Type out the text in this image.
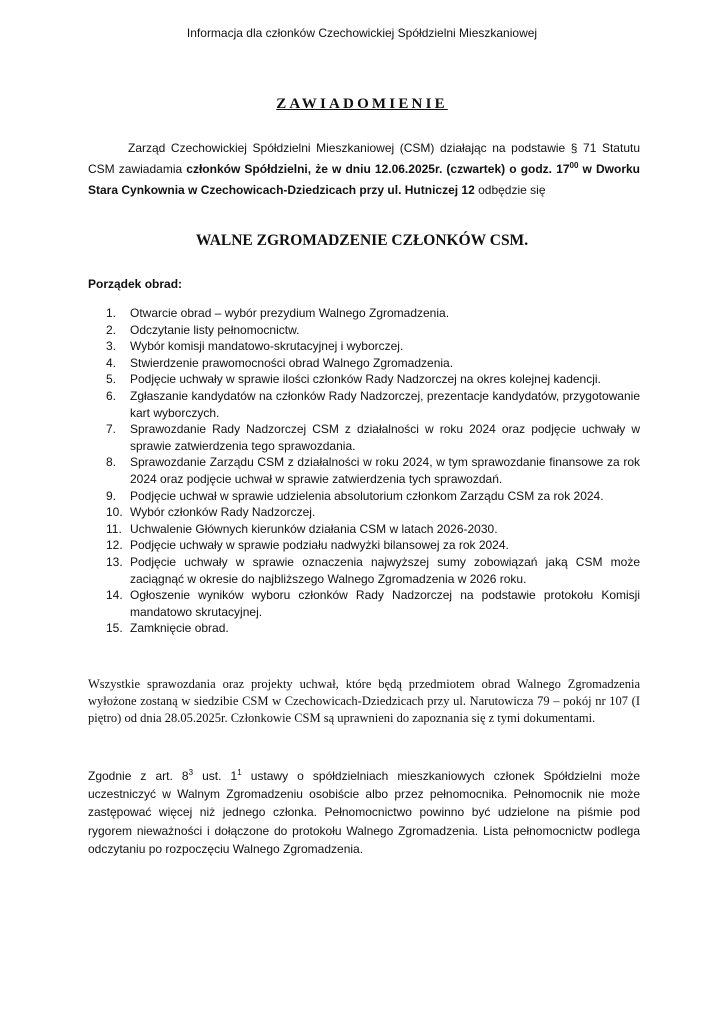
Informacja dla członków Czechowickiej Spółdzielni Mieszkaniowej
ZAWIADOMIENIE
Zarząd Czechowickiej Spółdzielni Mieszkaniowej (CSM) działając na podstawie § 71 Statutu CSM zawiadamia członków Spółdzielni, że w dniu 12.06.2025r. (czwartek) o godz. $17^{00}$ w Dworku Stara Cynkownia w Czechowicach-Dziedzicach przy ul. Hutniczej 12 odbędzie się
WALNE ZGROMADZENIE CZŁONKÓW CSM.
Porządek obrad:
1.	Otwarcie obrad – wybór prezydium Walnego Zgromadzenia.
2.	Odczytanie listy pełnomocnictw.
3.	Wybór komisji mandatowo-skrutacyjnej i wyborczej.
4.	Stwierdzenie prawomocności obrad Walnego Zgromadzenia.
5.	Podjęcie uchwały w sprawie ilości członków Rady Nadzorczej na okres kolejnej kadencji.
6.	Zgłaszanie kandydatów na członków Rady Nadzorczej, prezentacje kandydatów, przygotowanie kart wyborczych.
7.	Sprawozdanie Rady Nadzorczej CSM z działalności w roku 2024 oraz podjęcie uchwały w sprawie zatwierdzenia tego sprawozdania.
8.	Sprawozdanie Zarządu CSM z działalności w roku 2024, w tym sprawozdanie finansowe za rok 2024 oraz podjęcie uchwał w sprawie zatwierdzenia tych sprawozdań.
9.	Podjęcie uchwał w sprawie udzielenia absolutorium członkom Zarządu CSM za rok 2024.
10. Wybór członków Rady Nadzorczej.
11. Uchwalenie Głównych kierunków działania CSM w latach 2026-2030.
12. Podjęcie uchwały w sprawie podziału nadwyżki bilansowej za rok 2024.
13. Podjęcie uchwały w sprawie oznaczenia najwyższej sumy zobowiązań jaką CSM może zaciągnąć w okresie do najbliższego Walnego Zgromadzenia w 2026 roku.
14. Ogłoszenie wyników wyboru członków Rady Nadzorczej na podstawie protokołu Komisji mandatowo skrutacyjnej.
15. Zamknięcie obrad.
Wszystkie sprawozdania oraz projekty uchwał, które będą przedmiotem obrad Walnego Zgromadzenia wyłożone zostaną w siedzibie CSM w Czechowicach-Dziedzicach przy ul. Narutowicza 79 – pokój nr 107 (I piętro) od dnia 28.05.2025r. Członkowie CSM są uprawnieni do zapoznania się z tymi dokumentami.
Zgodnie z art. $8^3$ ust. $1^1$ ustawy o spółdzielniach mieszkaniowych członek Spółdzielni może uczestniczyć w Walnym Zgromadzeniu osobiście albo przez pełnomocnika. Pełnomocnik nie może zastępować więcej niż jednego członka. Pełnomocnictwo powinno być udzielone na piśmie pod rygorem nieważności i dołączone do protokołu Walnego Zgromadzenia. Lista pełnomocnictw podlega odczytaniu po rozpoczęciu Walnego Zgromadzenia.
